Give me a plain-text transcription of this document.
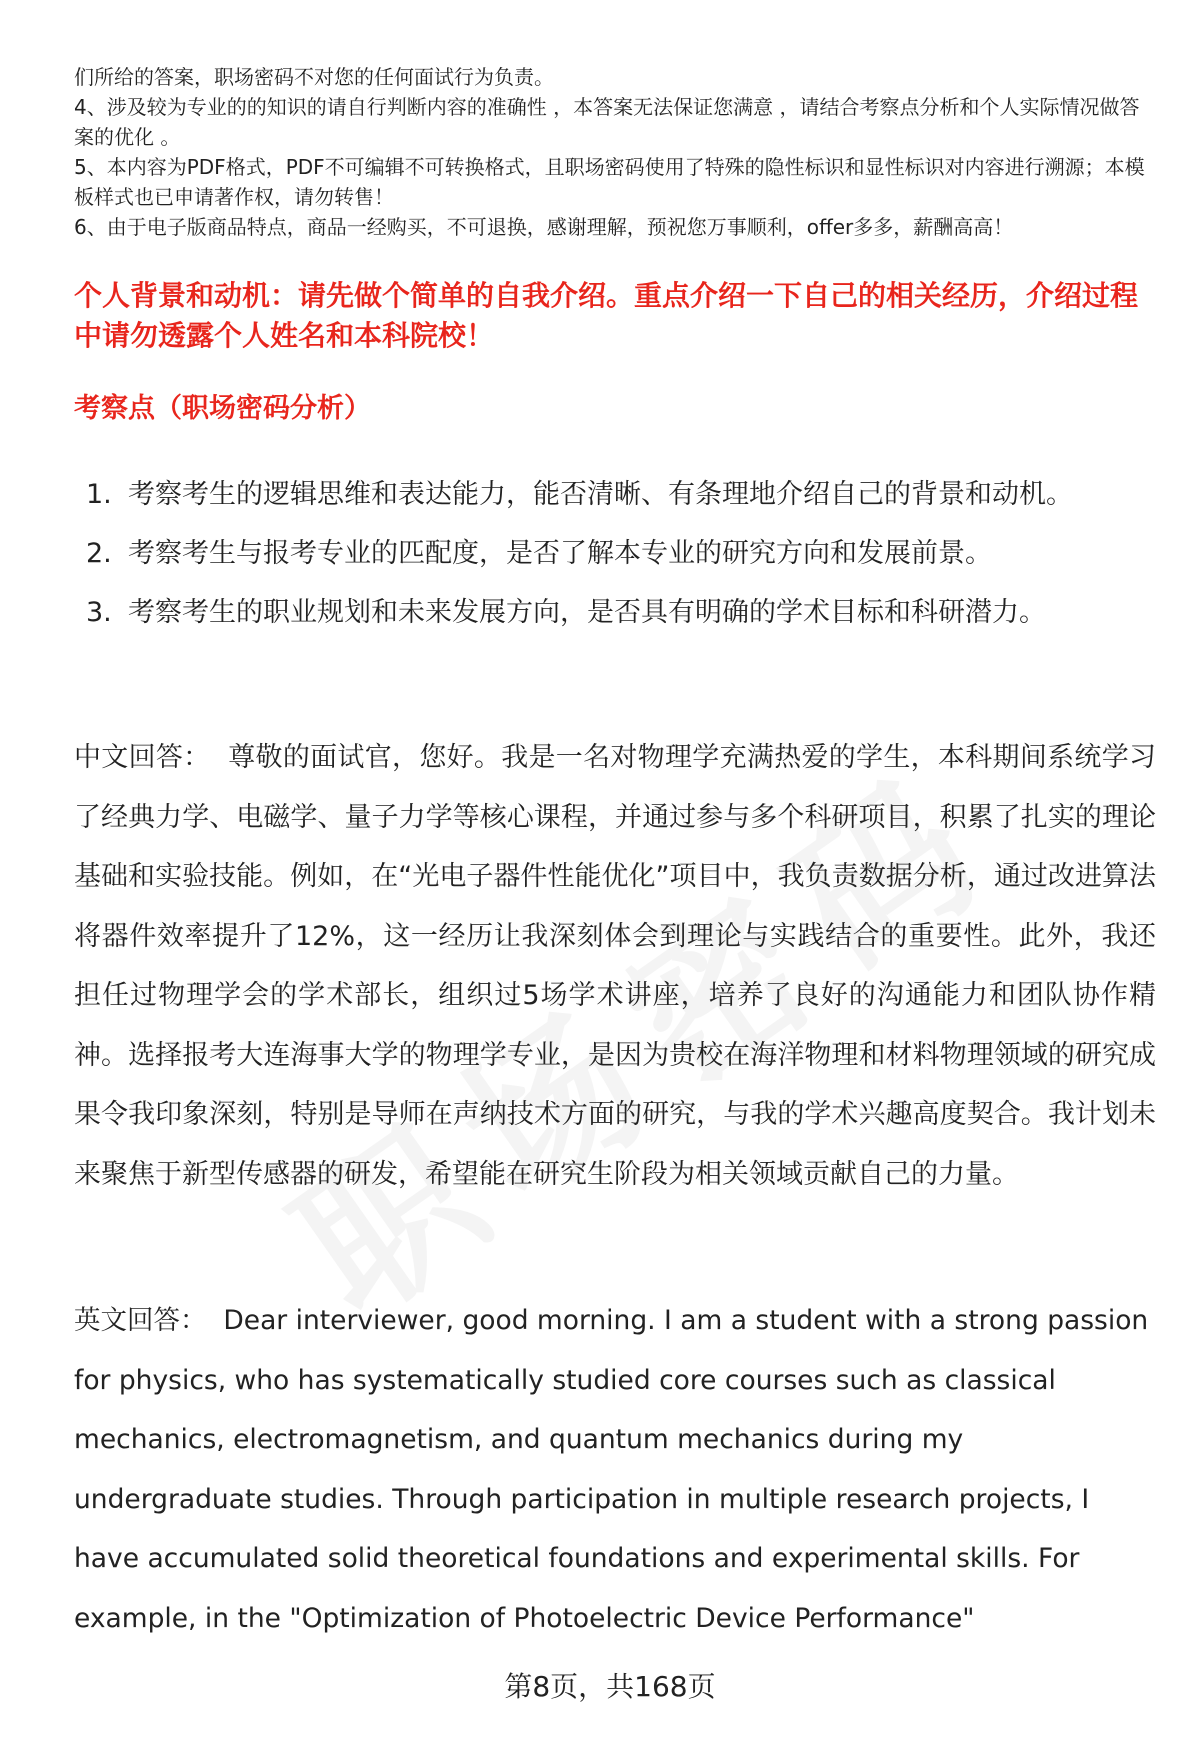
们所给的答案，职场密码不对您的任何面试行为负责。

4、涉及较为专业的的知识的请自行判断内容的准确性 ，本答案无法保证您满意 ，请结合考察点分析和个人实际情况做答案的优化 。

5、本内容为PDF格式，PDF不可编辑不可转换格式，且职场密码使用了特殊的隐性标识和显性标识对内容进行溯源；本模板样式也已申请著作权，请勿转售！

6、由于电子版商品特点，商品一经购买，不可退换，感谢理解，预祝您万事顺利，offer多多，薪酬高高！

个人背景和动机：请先做个简单的自我介绍。重点介绍一下自己的相关经历，介绍过程中请勿透露个人姓名和本科院校！
考察点（职场密码分析）
1. 考察考生的逻辑思维和表达能力，能否清晰、有条理地介绍自己的背景和动机。
2. 考察考生与报考专业的匹配度，是否了解本专业的研究方向和发展前景。
3. 考察考生的职业规划和未来发展方向，是否具有明确的学术目标和科研潜力。

中文回答： 尊敬的面试官，您好。我是一名对物理学充满热爱的学生，本科期间系统学习了经典力学、电磁学、量子力学等核心课程，并通过参与多个科研项目，积累了扎实的理论基础和实验技能。例如，在“光电子器件性能优化”项目中，我负责数据分析，通过改进算法将器件效率提升了12%，这一经历让我深刻体会到理论与实践结合的重要性。此外，我还担任过物理学会的学术部长，组织过5场学术讲座，培养了良好的沟通能力和团队协作精神。选择报考大连海事大学的物理学专业，是因为贵校在海洋物理和材料物理领域的研究成果令我印象深刻，特别是导师在声纳技术方面的研究，与我的学术兴趣高度契合。我计划未来聚焦于新型传感器的研发，希望能在研究生阶段为相关领域贡献自己的力量。

英文回答： Dear interviewer, good morning. I am a student with a strong passion for physics, who has systematically studied core courses such as classical mechanics, electromagnetism, and quantum mechanics during my undergraduate studies. Through participation in multiple research projects, I have accumulated solid theoretical foundations and experimental skills. For example, in the "Optimization of Photoelectric Device Performance"

第8页，共168页
